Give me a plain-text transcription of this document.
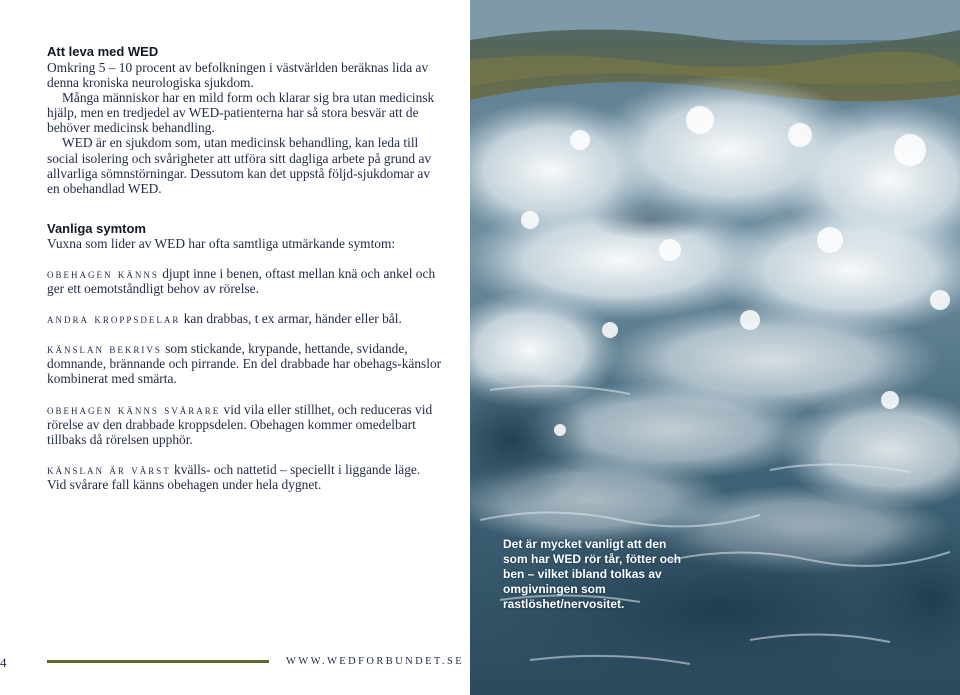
Att leva med WED

Omkring 5 – 10 procent av befolkningen i västvärlden beräknas lida av denna kroniska neurologiska sjukdom.

Många människor har en mild form och klarar sig bra utan medicinsk hjälp, men en tredjedel av WED-patienterna har så stora besvär att de behöver medicinsk behandling.

WED är en sjukdom som, utan medicinsk behandling, kan leda till social isolering och svårigheter att utföra sitt dagliga arbete på grund av allvarliga sömnstörningar. Dessutom kan det uppstå följd-sjukdomar av en obehandlad WED.

Vanliga symtom

Vuxna som lider av WED har ofta samtliga utmärkande symtom:

obehagen känns djupt inne i benen, oftast mellan knä och ankel och ger ett oemotståndligt behov av rörelse.

andra kroppsdelar kan drabbas, t ex armar, händer eller bål.

känslan bekrivs som stickande, krypande, hettande, svidande, domnande, brännande och pirrande. En del drabbade har obehags-känslor kombinerat med smärta.

obehagen känns svårare vid vila eller stillhet, och reduceras vid rörelse av den drabbade kroppsdelen. Obehagen kommer omedelbart tillbaks då rörelsen upphör.

känslan är värst kvälls- och nattetid – speciellt i liggande läge. Vid svårare fall känns obehagen under hela dygnet.

Det är mycket vanligt att den som har WED rör tår, fötter och ben – vilket ibland tolkas av omgivningen som rastlöshet/nervositet.
4	WWW.WEDFORBUNDET.SE
